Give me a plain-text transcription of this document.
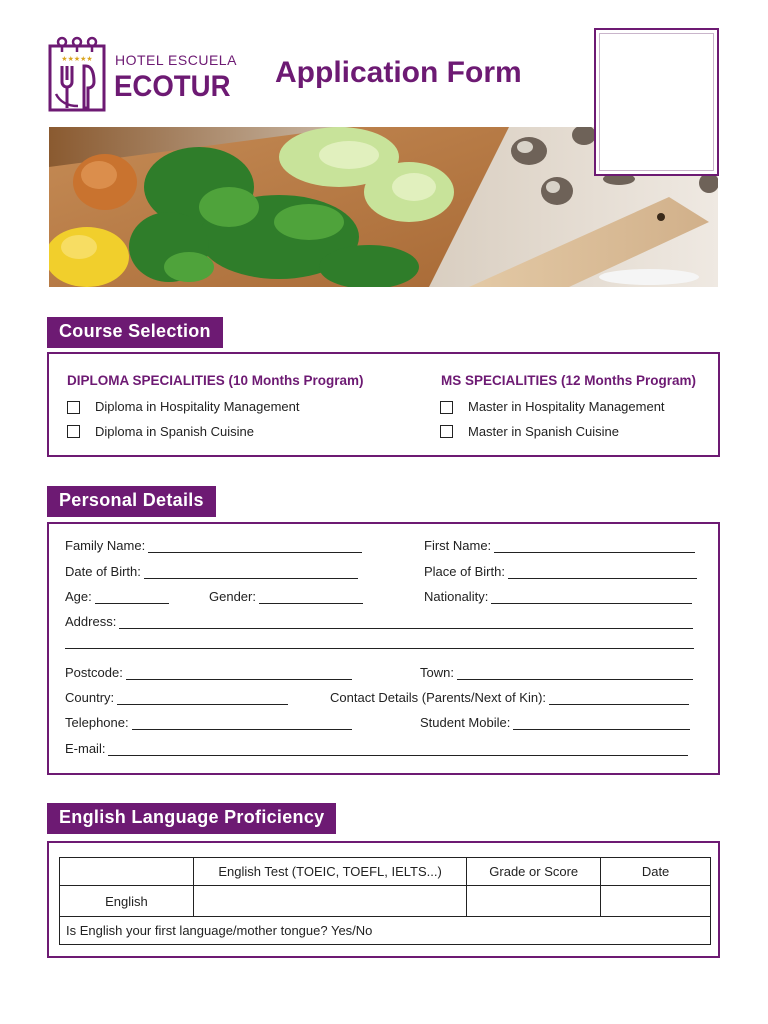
★★★★★ HOTEL ESCUELA
ECOTUR Application Form
Course Selection
DIPLOMA SPECIALITIES (10 Months Program)
Diploma in Hospitality Management
Diploma in Spanish Cuisine
MS SPECIALITIES (12 Months Program)
Master in Hospitality Management
Master in Spanish Cuisine
Personal Details
Family Name:	First Name:
Date of Birth:	Place of Birth:
Age:	Gender:	Nationality:
Address:
Postcode:	Town:
Country:	Contact Details (Parents/Next of Kin):
Telephone:	Student Mobile:
E-mail:
English Language Proficiency
	English Test (TOEIC, TOEFL, IELTS...)	Grade or Score	Date
English			
Is English your first language/mother tongue? Yes/No			
